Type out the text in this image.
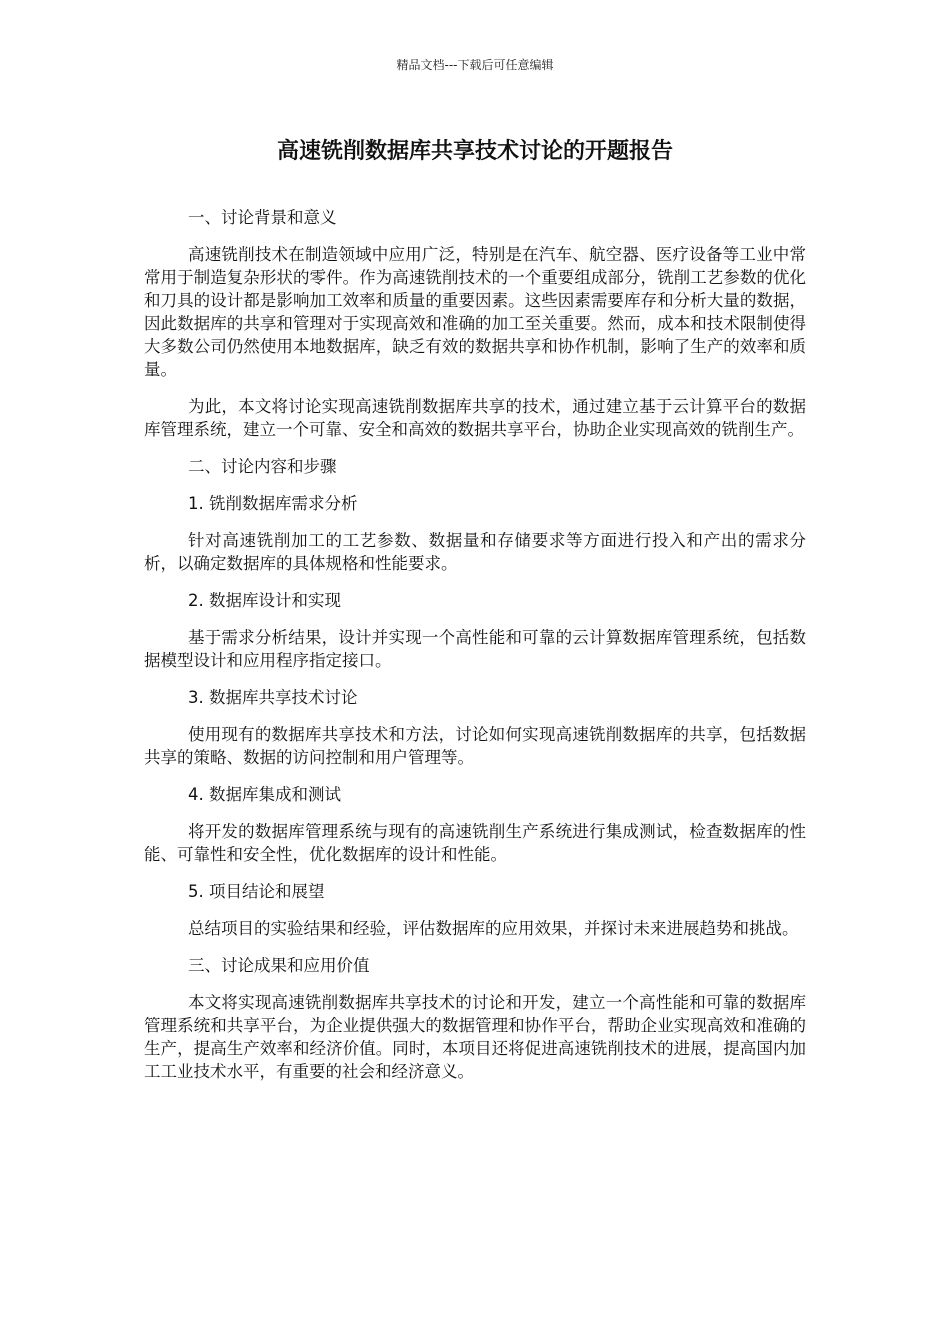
精品文档---下载后可任意编辑
高速铣削数据库共享技术讨论的开题报告

一、讨论背景和意义

高速铣削技术在制造领域中应用广泛，特别是在汽车、航空器、医疗设备等工业中常常用于制造复杂形状的零件。作为高速铣削技术的一个重要组成部分，铣削工艺参数的优化和刀具的设计都是影响加工效率和质量的重要因素。这些因素需要库存和分析大量的数据，因此数据库的共享和管理对于实现高效和准确的加工至关重要。然而，成本和技术限制使得大多数公司仍然使用本地数据库，缺乏有效的数据共享和协作机制，影响了生产的效率和质量。

为此，本文将讨论实现高速铣削数据库共享的技术，通过建立基于云计算平台的数据库管理系统，建立一个可靠、安全和高效的数据共享平台，协助企业实现高效的铣削生产。

二、讨论内容和步骤

1. 铣削数据库需求分析

针对高速铣削加工的工艺参数、数据量和存储要求等方面进行投入和产出的需求分析，以确定数据库的具体规格和性能要求。

2. 数据库设计和实现

基于需求分析结果，设计并实现一个高性能和可靠的云计算数据库管理系统，包括数据模型设计和应用程序指定接口。

3. 数据库共享技术讨论

使用现有的数据库共享技术和方法，讨论如何实现高速铣削数据库的共享，包括数据共享的策略、数据的访问控制和用户管理等。

4. 数据库集成和测试

将开发的数据库管理系统与现有的高速铣削生产系统进行集成测试，检查数据库的性能、可靠性和安全性，优化数据库的设计和性能。

5. 项目结论和展望

总结项目的实验结果和经验，评估数据库的应用效果，并探讨未来进展趋势和挑战。

三、讨论成果和应用价值

本文将实现高速铣削数据库共享技术的讨论和开发，建立一个高性能和可靠的数据库管理系统和共享平台，为企业提供强大的数据管理和协作平台，帮助企业实现高效和准确的生产，提高生产效率和经济价值。同时，本项目还将促进高速铣削技术的进展，提高国内加工工业技术水平，有重要的社会和经济意义。
